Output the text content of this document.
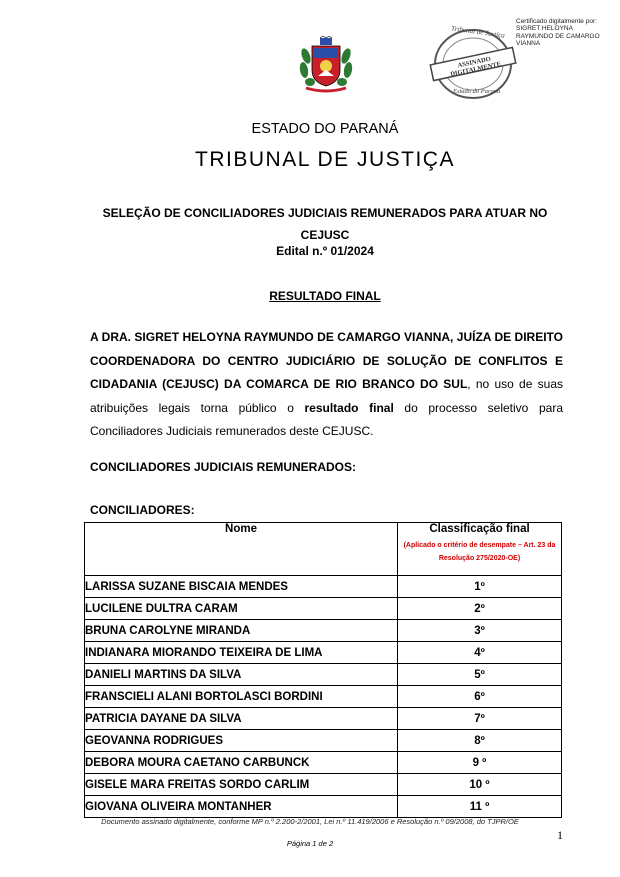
Certificado digitalmente por:
SIGRET HELOYNA
RAYMUNDO DE CAMARGO
VIANNA
Tribunal de Justiça
ASSINADO DIGITALMENTE
Estado do Paraná
ESTADO DO PARANÁ
TRIBUNAL DE JUSTIÇA
SELEÇÃO DE CONCILIADORES JUDICIAIS REMUNERADOS PARA ATUAR NO CEJUSC
Edital n.º 01/2024
RESULTADO FINAL
A DRA. SIGRET HELOYNA RAYMUNDO DE CAMARGO VIANNA, JUÍZA DE DIREITO COORDENADORA DO CENTRO JUDICIÁRIO DE SOLUÇÃO DE CONFLITOS E CIDADANIA (CEJUSC) DA COMARCA DE RIO BRANCO DO SUL, no uso de suas atribuições legais torna público o resultado final do processo seletivo para Conciliadores Judiciais remunerados deste CEJUSC.
CONCILIADORES JUDICIAIS REMUNERADOS:
CONCILIADORES:
Nome	Classificação final
(Aplicado o critério de desempate – Art. 23 da Resolução 275/2020-OE)

LARISSA SUZANE BISCAIA MENDES	1º
LUCILENE DULTRA CARAM	2º
BRUNA CAROLYNE MIRANDA	3º
INDIANARA MIORANDO TEIXEIRA DE LIMA	4º
DANIELI MARTINS DA SILVA	5º
FRANSCIELI ALANI BORTOLASCI BORDINI	6º
PATRICIA DAYANE DA SILVA	7º
GEOVANNA RODRIGUES	8º
DEBORA MOURA CAETANO CARBUNCK	9 º
GISELE MARA FREITAS SORDO CARLIM	10 º
GIOVANA OLIVEIRA MONTANHER	11 º
Documento assinado digitalmente, conforme MP n.º 2.200-2/2001, Lei n.º 11.419/2006 e Resolução n.º 09/2008, do TJPR/OE
1
Página 1 de 2
